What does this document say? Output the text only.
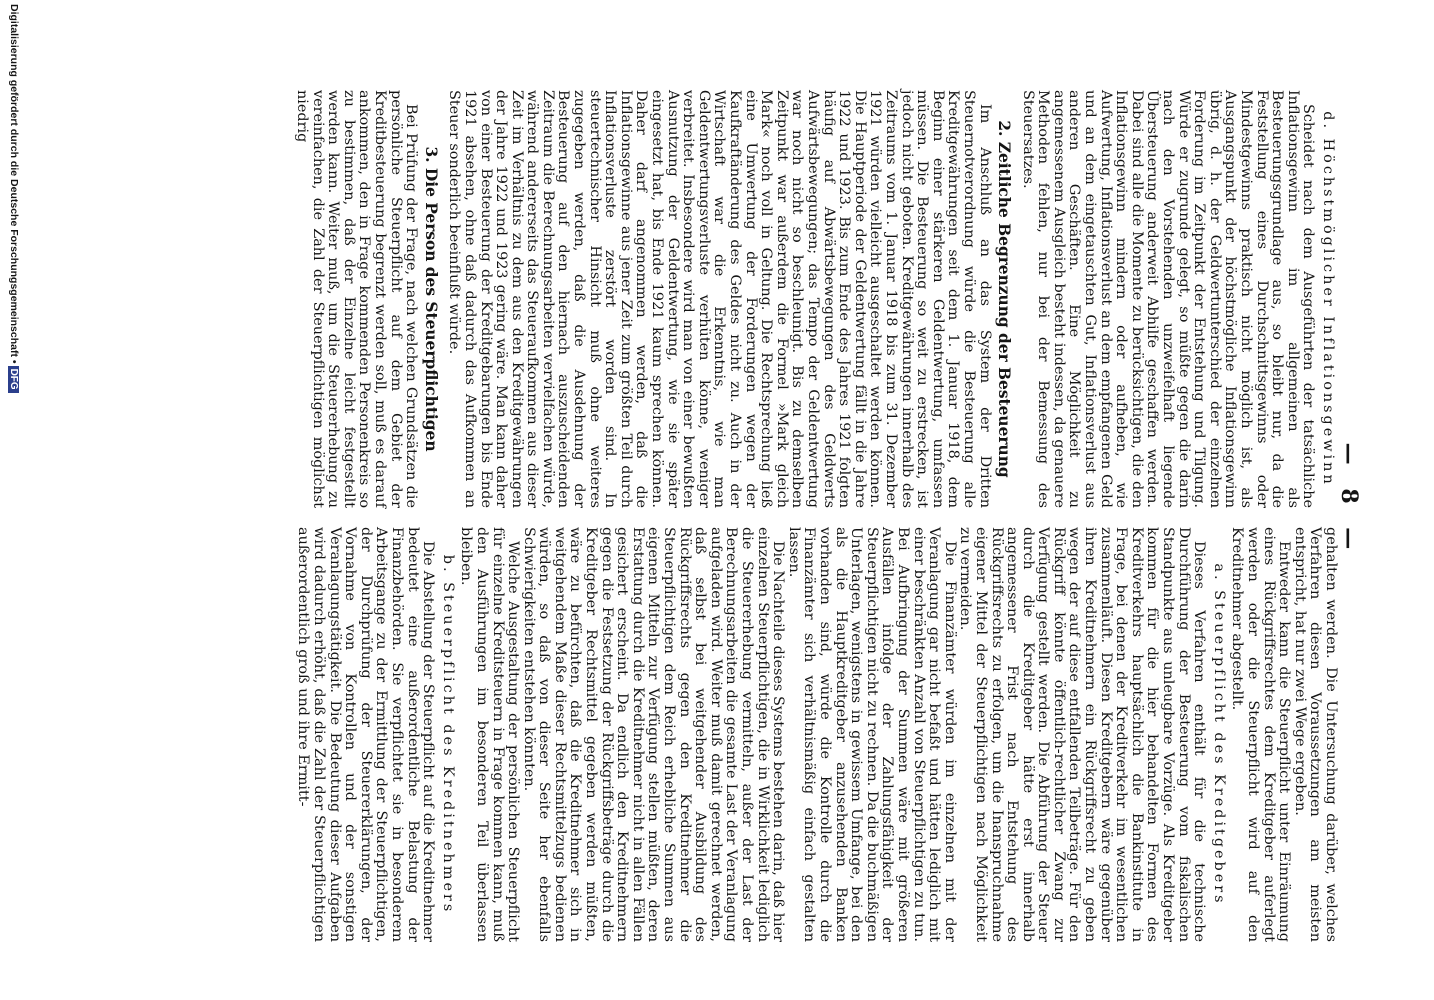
— 8 —
d. Höchstmöglicher Inflationsgewinn

Scheidet nach dem Ausgeführten der tatsächliche Inflationsgewinn im allgemeinen als Besteuerungsgrundlage aus, so bleibt nur, da die Feststellung eines Durchschnittsgewinns oder Mindestgewinns praktisch nicht möglich ist, als Ausgangspunkt der höchstmögliche Inflationsgewinn übrig, d. h. der Geldwertunterschied der einzelnen Forderung im Zeitpunkt der Entstehung und Tilgung. Würde er zugrunde gelegt, so müßte gegen die darin nach den Vorstehenden unzweifelhaft liegende Übersteuerung anderweit Abhilfe geschaffen werden. Dabei sind alle die Momente zu berücksichtigen, die den Inflationsgewinn mindern oder aufheben, wie Aufwertung, Inflationsverlust an dem empfangenen Geld und an dem eingetauschten Gut, Inflationsverlust aus anderen Geschäften. Eine Möglichkeit zu angemessenem Ausgleich besteht indessen, da genauere Methoden fehlen, nur bei der Bemessung des Steuersatzes.

2. Zeitliche Begrenzung der Besteuerung

Im Anschluß an das System der Dritten Steuernotverordnung würde die Besteuerung alle Kreditgewährungen seit dem 1. Januar 1918, dem Beginn einer stärkeren Geldentwertung, umfassen müssen. Die Besteuerung so weit zu erstrecken, ist jedoch nicht geboten. Kreditgewährungen innerhalb des Zeitraums vom 1. Januar 1918 bis zum 31. Dezember 1921 würden vielleicht ausgeschaltet werden können. Die Hauptperiode der Geldentwertung fällt in die Jahre 1922 und 1923. Bis zum Ende des Jahres 1921 folgten häufig auf Abwärtsbewegungen des Geldwerts Aufwärtsbewegungen; das Tempo der Geldentwertung war noch nicht so beschleunigt. Bis zu demselben Zeitpunkt war außerdem die Formel »Mark gleich Mark« noch voll in Geltung. Die Rechtsprechung ließ eine Umwertung der Forderungen wegen der Kaufkraftänderung des Geldes nicht zu. Auch in der Wirtschaft war die Erkenntnis, wie man Geldentwertungsverluste verhüten könne, weniger verbreitet. Insbesondere wird man von einer bewußten Ausnutzung der Geldentwertung, wie sie später eingesetzt hat, bis Ende 1921 kaum sprechen können. Daher darf angenommen werden, daß die Inflationsgewinne aus jener Zeit zum größten Teil durch Inflationsverluste zerstört worden sind. In steuertechnischer Hinsicht muß ohne weiteres zugegeben werden, daß die Ausdehnung der Besteuerung auf den hiernach auszuscheidenden Zeitraum die Berechnungsarbeiten vervielfachen würde, während andererseits das Steueraufkommen aus dieser Zeit im Verhältnis zu dem aus den Kreditgewährungen der Jahre 1922 und 1923 gering wäre. Man kann daher von einer Besteuerung der Kreditgebarungen bis Ende 1921 absehen, ohne daß dadurch das Aufkommen an Steuer sonderlich beeinflußt würde.

3. Die Person des Steuerpflichtigen

Bei Prüfung der Frage, nach welchen Grundsätzen die persönliche Steuerpflicht auf dem Gebiet der Kreditbesteuerung begrenzt werden soll, muß es darauf ankommen, den in Frage kommenden Personenkreis so zu bestimmen, daß der Einzelne leicht festgestellt werden kann. Weiter muß, um die Steuererhebung zu vereinfachen, die Zahl der Steuerpflichtigen möglichst niedrig

gehalten werden. Die Untersuchung darüber, welches Verfahren diesen Voraussetzungen am meisten entspricht, hat nur zwei Wege ergeben.

Entweder kann die Steuerpflicht unter Einräumung eines Rückgriffsrechtes dem Kreditgeber auferlegt werden oder die Steuerpflicht wird auf den Kreditnehmer abgestellt.

a. Steuerpflicht des Kreditgebers

Dieses Verfahren enthält für die technische Durchführung der Besteuerung vom fiskalischen Standpunkte aus unleugbare Vorzüge. Als Kreditgeber kommen für die hier behandelten Formen des Kreditverkehrs hauptsächlich die Bankinstitute in Frage, bei denen der Kreditverkehr im wesentlichen zusammenläuft. Diesen Kreditgebern wäre gegenüber ihren Kreditnehmern ein Rückgriffsrecht zu geben wegen der auf diese entfallenden Teilbeträge. Für den Rückgriff könnte öffentlich-rechtlicher Zwang zur Verfügung gestellt werden. Die Abführung der Steuer durch die Kreditgeber hätte erst innerhalb angemessener Frist nach Entstehung des Rückgriffsrechts zu erfolgen, um die Inanspruchnahme eigener Mittel der Steuerpflichtigen nach Möglichkeit zu vermeiden.

Die Finanzämter würden im einzelnen mit der Veranlagung gar nicht befaßt und hätten lediglich mit einer beschränkten Anzahl von Steuerpflichtigen zu tun. Bei Aufbringung der Summen wäre mit größeren Ausfällen infolge der Zahlungsfähigkeit der Steuerpflichtigen nicht zu rechnen. Da die buchmäßigen Unterlagen, wenigstens in gewissem Umfange, bei den als die Hauptkreditgeber anzusehenden Banken vorhanden sind, würde die Kontrolle durch die Finanzämter sich verhältnismäßig einfach gestalten lassen.

Die Nachteile dieses Systems bestehen darin, daß hier einzelnen Steuerpflichtigen, die in Wirklichkeit lediglich die Steuererhebung vermitteln, außer der Last der Berechnungsarbeiten die gesamte Last der Veranlagung aufgeladen wird. Weiter muß damit gerechnet werden, daß selbst bei weitgehender Ausbildung des Rückgriffsrechts gegen den Kreditnehmer die Steuerpflichtigen dem Reich erhebliche Summen aus eigenen Mitteln zur Verfügung stellen müßten, deren Erstattung durch die Kreditnehmer nicht in allen Fällen gesichert erscheint. Da endlich den Kreditnehmern gegen die Festsetzung der Rückgriffsbeträge durch die Kreditgeber Rechtsmittel gegeben werden müßten, wäre zu befürchten, daß die Kreditnehmer sich in weitgehendem Maße dieser Rechtsmittelzugs bedienen würden, so daß von dieser Seite her ebenfalls Schwierigkeiten entstehen könnten.

Welche Ausgestaltung der persönlichen Steuerpflicht für einzelne Kreditsteuern in Frage kommen kann, muß den Ausführungen im besonderen Teil überlassen bleiben.

b. Steuerpflicht des Kreditnehmers

Die Abstellung der Steuerpflicht auf die Kreditnehmer bedeutet eine außerordentliche Belastung der Finanzbehörden. Sie verpflichtet sie in besonderem Arbeitsgange zu der Ermittlung der Steuerpflichtigen, der Durchprüfung der Steuererklärungen, der Vornahme von Kontrollen und der sonstigen Veranlagungstätigkeit. Die Bedeutung dieser Aufgaben wird dadurch erhöht, daß die Zahl der Steuerpflichtigen außerordentlich groß und ihre Ermitt-

Digitalisierung gefördert durch die Deutsche Forschungsgemeinschaft •DFG
